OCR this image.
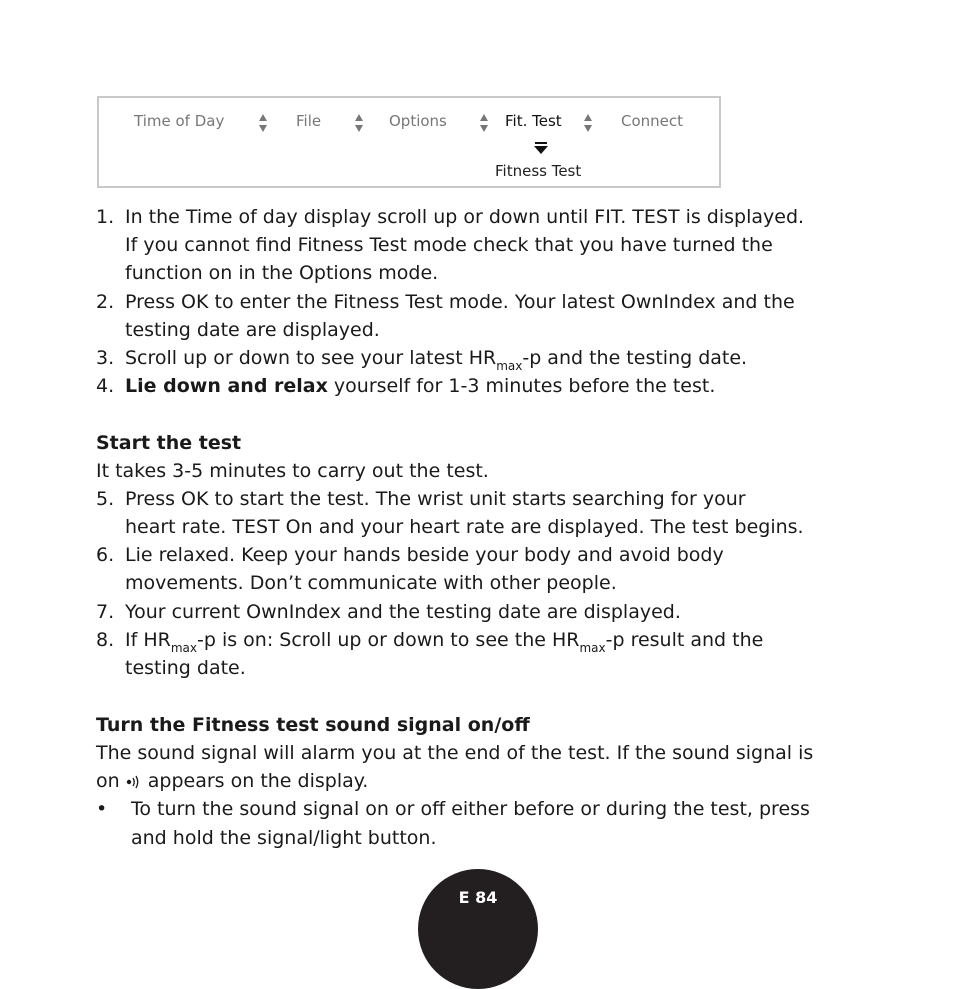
Time of Day	File	Options	Fit. Test	Connect
Fitness Test
1. In the Time of day display scroll up or down until FIT. TEST is displayed.
If you cannot find Fitness Test mode check that you have turned the
function on in the Options mode.
2. Press OK to enter the Fitness Test mode. Your latest OwnIndex and the
testing date are displayed.
3. Scroll up or down to see your latest $HR_{max}-p$ and the testing date.
4. Lie down and relax yourself for 1-3 minutes before the test.
Start the test
It takes 3-5 minutes to carry out the test.
5. Press OK to start the test. The wrist unit starts searching for your
heart rate. TEST On and your heart rate are displayed. The test begins.
6. Lie relaxed. Keep your hands beside your body and avoid body
movements. Don’t communicate with other people.
7. Your current OwnIndex and the testing date are displayed.
8. If $HR_{max}-p$ is on: Scroll up or down to see the $HR_{max}-p$ result and the
testing date.
Turn the Fitness test sound signal on/off
The sound signal will alarm you at the end of the test. If the sound signal is
on appears on the display.
• To turn the sound signal on or off either before or during the test, press
and hold the signal/light button.
E 84
